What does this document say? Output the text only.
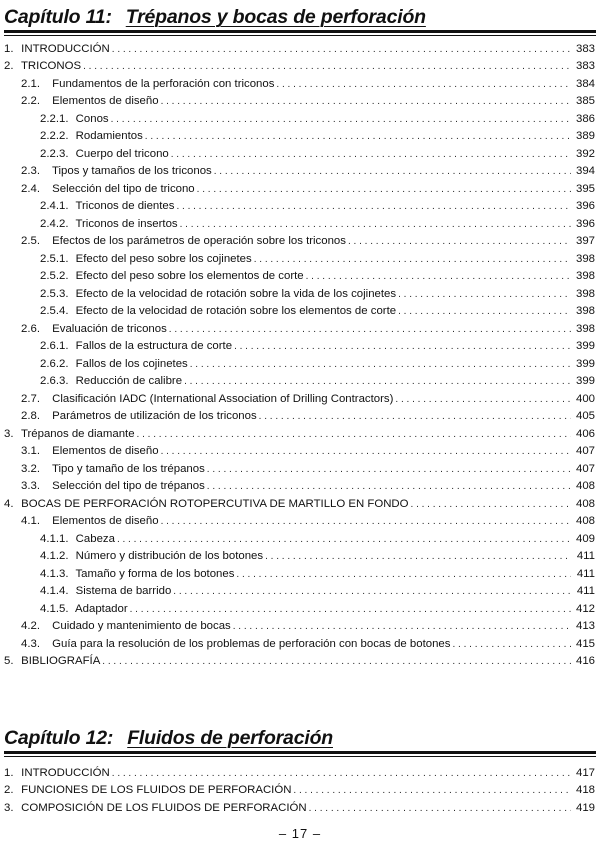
Capítulo 11: Trépanos y bocas de perforación
1. INTRODUCCIÓN . . .	383
2. TRICONOS . . .	383
2.1. Fundamentos de la perforación con triconos . . .	384
2.2. Elementos de diseño . . .	385
2.2.1. Conos . . .	386
2.2.2. Rodamientos . . .	389
2.2.3. Cuerpo del tricono . . .	392
2.3. Tipos y tamaños de los triconos . . .	394
2.4. Selección del tipo de tricono . . .	395
2.4.1. Triconos de dientes . . .	396
2.4.2. Triconos de insertos . . .	396
2.5. Efectos de los parámetros de operación sobre los triconos . . .	397
2.5.1. Efecto del peso sobre los cojinetes . . .	398
2.5.2. Efecto del peso sobre los elementos de corte . . .	398
2.5.3. Efecto de la velocidad de rotación sobre la vida de los cojinetes . . .	398
2.5.4. Efecto de la velocidad de rotación sobre los elementos de corte . . .	398
2.6. Evaluación de triconos . . .	398
2.6.1. Fallos de la estructura de corte . . .	399
2.6.2. Fallos de los cojinetes . . .	399
2.6.3. Reducción de calibre . . .	399
2.7. Clasificación IADC (International Association of Drilling Contractors) . . .	400
2.8. Parámetros de utilización de los triconos . . .	405
3. Trépanos de diamante . . .	406
3.1. Elementos de diseño . . .	407
3.2. Tipo y tamaño de los trépanos . . .	407
3.3. Selección del tipo de trépanos . . .	408
4. BOCAS DE PERFORACIÓN ROTOPERCUTIVA DE MARTILLO EN FONDO . . .	408
4.1. Elementos de diseño . . .	408
4.1.1. Cabeza . . .	409
4.1.2. Número y distribución de los botones . . .	411
4.1.3. Tamaño y forma de los botones . . .	411
4.1.4. Sistema de barrido . . .	411
4.1.5. Adaptador . . .	412
4.2. Cuidado y mantenimiento de bocas . . .	413
4.3. Guía para la resolución de los problemas de perforación con bocas de botones . . .	415
5. BIBLIOGRAFÍA . . .	416
Capítulo 12: Fluidos de perforación
1. INTRODUCCIÓN . . .	417
2. FUNCIONES DE LOS FLUIDOS DE PERFORACIÓN . . .	418
3. COMPOSICIÓN DE LOS FLUIDOS DE PERFORACIÓN . . .	419
– 17 –
